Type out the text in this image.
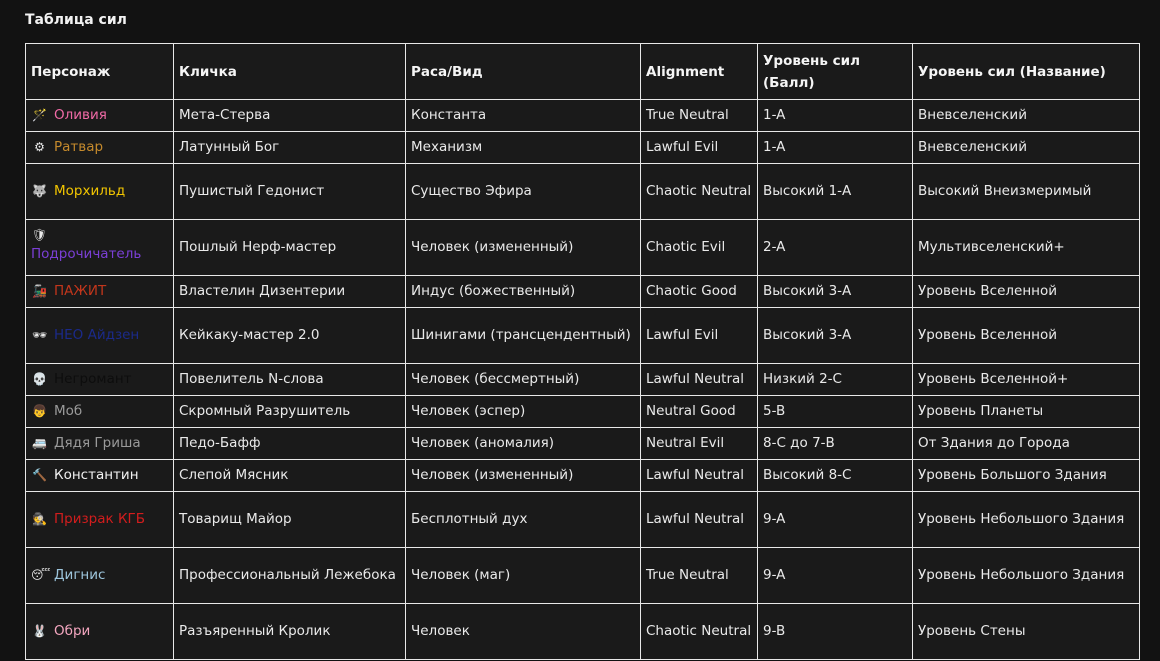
Таблица сил
Персонаж	Кличка	Раса/Вид	Alignment	Уровень сил (Балл)	Уровень сил (Название)
🪄 Оливия	Мета-Стерва	Константа	True Neutral	1-A	Вневселенский
⚙ Ратвар	Латунный Бог	Механизм	Lawful Evil	1-A	Вневселенский
🐺 Морхильд	Пушистый Гедонист	Существо Эфира	Chaotic Neutral	Высокий 1-A	Высокий Внеизмеримый

🛡
Подрочичатель	Пошлый Нерф-мастер	Человек (измененный)	Chaotic Evil	2-A	Мультивселенский+
🚂 ПАЖИТ	Властелин Дизентерии	Индус (божественный)	Chaotic Good	Высокий 3-A	Уровень Вселенной
🕶 НЕО Айдзен	Кейкаку-мастер 2.0	Шинигами (трансцендентный)	Lawful Evil	Высокий 3-A	Уровень Вселенной
💀 Негромант	Повелитель N-слова	Человек (бессмертный)	Lawful Neutral	Низкий 2-C	Уровень Вселенной+
👦 Моб	Скромный Разрушитель	Человек (эспер)	Neutral Good	5-B	Уровень Планеты
🚐 Дядя Гриша	Педо-Бафф	Человек (аномалия)	Neutral Evil	8-C до 7-B	От Здания до Города
🔨 Константин	Слепой Мясник	Человек (измененный)	Lawful Neutral	Высокий 8-C	Уровень Большого Здания
🕵 Призрак КГБ	Товарищ Майор	Бесплотный дух	Lawful Neutral	9-A	Уровень Небольшого Здания
😴 Дигнис	Профессиональный Лежебока	Человек (маг)	True Neutral	9-A	Уровень Небольшого Здания
🐰 Обри	Разъяренный Кролик	Человек	Chaotic Neutral	9-B	Уровень Стены
